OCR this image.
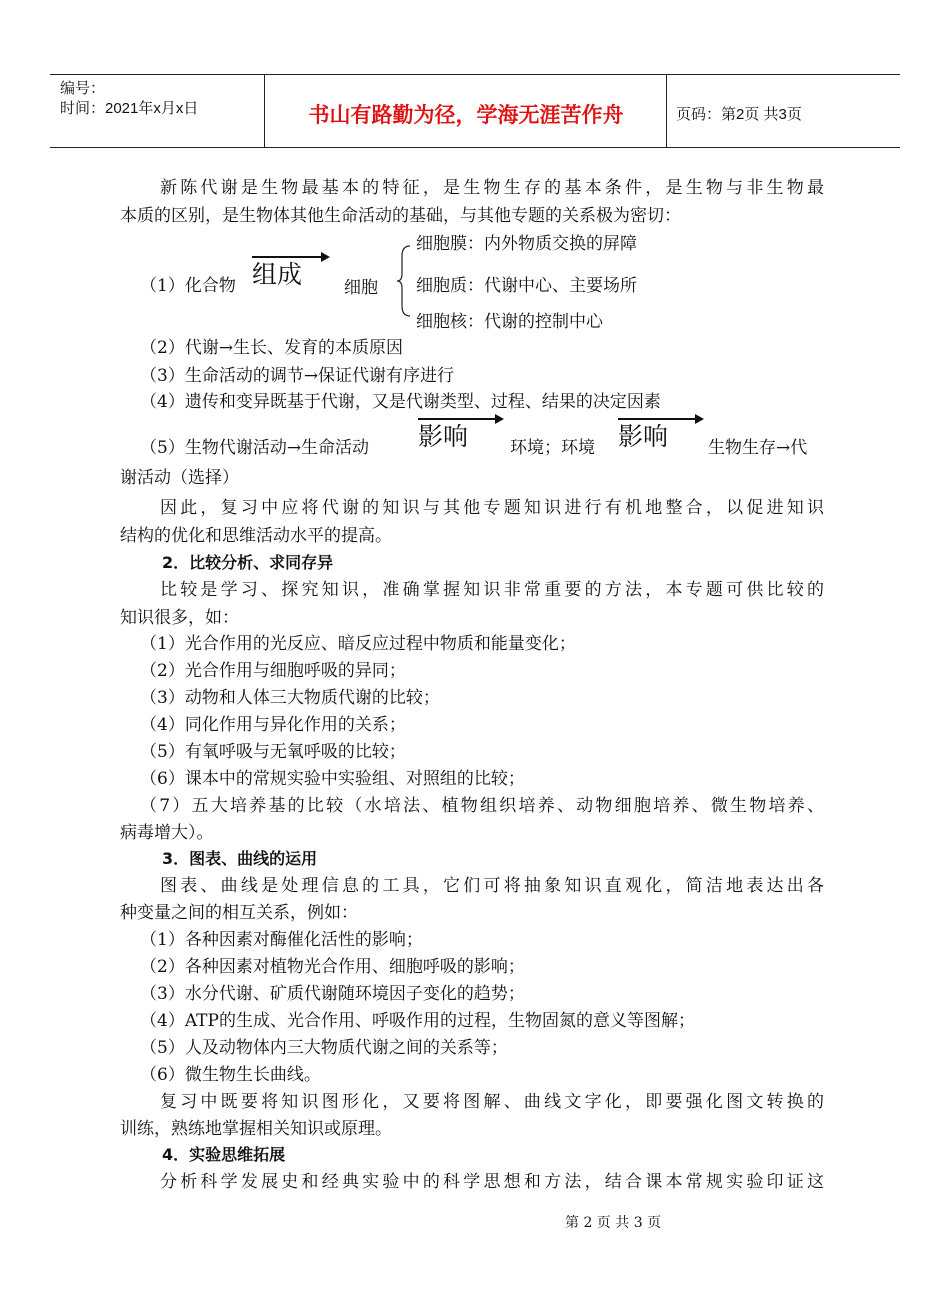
编号：
时间：2021年x月x日	书山有路勤为径，学海无涯苦作舟	页码：第2页 共3页
新陈代谢是生物最基本的特征，是生物生存的基本条件，是生物与非生物最
本质的区别，是生物体其他生命活动的基础，与其他专题的关系极为密切：
细胞膜：内外物质交换的屏障
（1）化合物 组成 细胞 细胞质：代谢中心、主要场所
细胞核：代谢的控制中心
（2）代谢→生长、发育的本质原因
（3）生命活动的调节→保证代谢有序进行
（4）遗传和变异既基于代谢，又是代谢类型、过程、结果的决定因素
（5）生物代谢活动→生命活动 影响 环境；环境 影响 生物生存→代
谢活动（选择）
因此，复习中应将代谢的知识与其他专题知识进行有机地整合，以促进知识
结构的优化和思维活动水平的提高。
2．比较分析、求同存异
比较是学习、探究知识，准确掌握知识非常重要的方法，本专题可供比较的
知识很多，如：
（1）光合作用的光反应、暗反应过程中物质和能量变化；
（2）光合作用与细胞呼吸的异同；
（3）动物和人体三大物质代谢的比较；
（4）同化作用与异化作用的关系；
（5）有氧呼吸与无氧呼吸的比较；
（6）课本中的常规实验中实验组、对照组的比较；
（7）五大培养基的比较（水培法、植物组织培养、动物细胞培养、微生物培养、
病毒增大）。
3．图表、曲线的运用
图表、曲线是处理信息的工具，它们可将抽象知识直观化，简洁地表达出各
种变量之间的相互关系，例如：
（1）各种因素对酶催化活性的影响；
（2）各种因素对植物光合作用、细胞呼吸的影响；
（3）水分代谢、矿质代谢随环境因子变化的趋势；
（4）ATP的生成、光合作用、呼吸作用的过程，生物固氮的意义等图解；
（5）人及动物体内三大物质代谢之间的关系等；
（6）微生物生长曲线。
复习中既要将知识图形化，又要将图解、曲线文字化，即要强化图文转换的
训练，熟练地掌握相关知识或原理。
4．实验思维拓展
分析科学发展史和经典实验中的科学思想和方法，结合课本常规实验印证这
第 2 页 共 3 页
